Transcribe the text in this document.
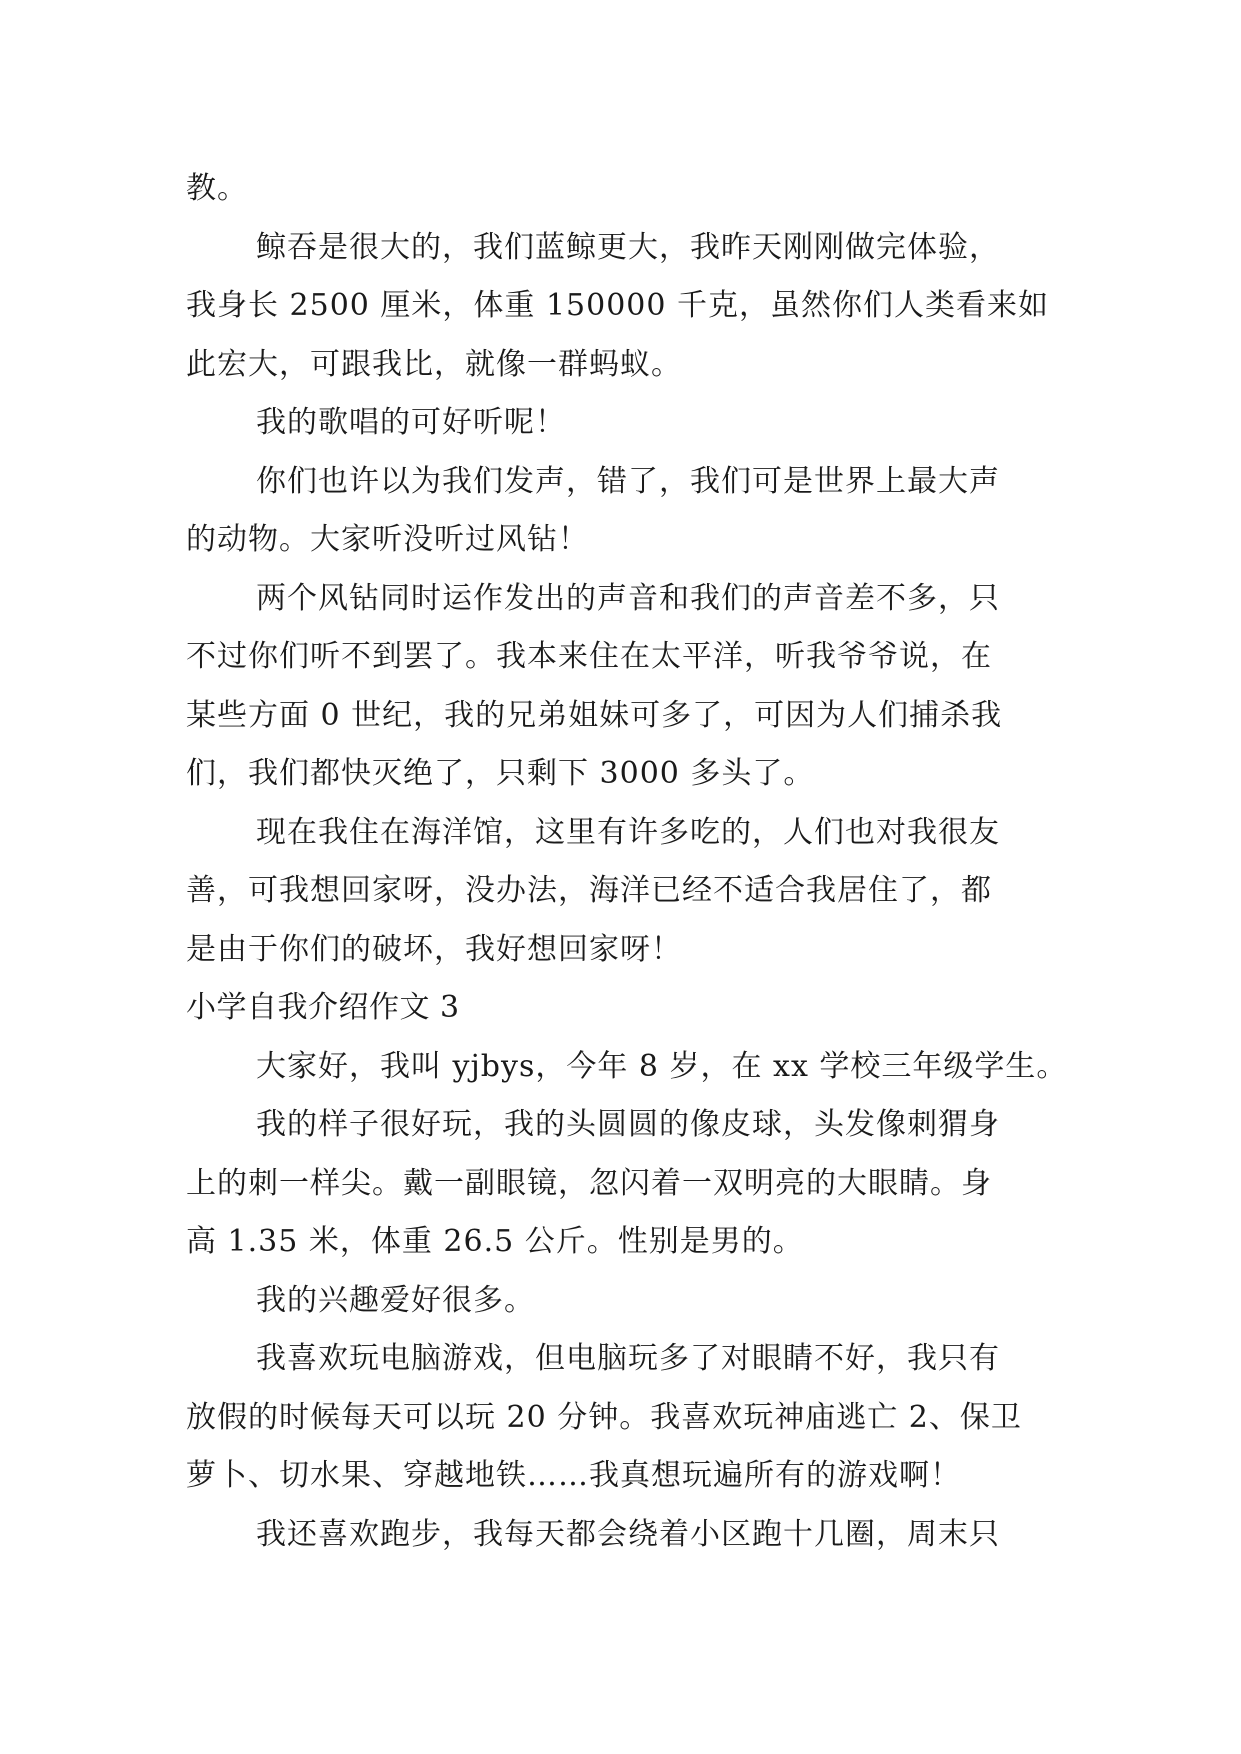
教。
鲸吞是很大的，我们蓝鲸更大，我昨天刚刚做完体验，
我身长 2500 厘米，体重 150000 千克，虽然你们人类看来如
此宏大，可跟我比，就像一群蚂蚁。
我的歌唱的可好听呢！
你们也许以为我们发声，错了，我们可是世界上最大声
的动物。大家听没听过风钻！
两个风钻同时运作发出的声音和我们的声音差不多，只
不过你们听不到罢了。我本来住在太平洋，听我爷爷说，在
某些方面 0 世纪，我的兄弟姐妹可多了，可因为人们捕杀我
们，我们都快灭绝了，只剩下 3000 多头了。
现在我住在海洋馆，这里有许多吃的，人们也对我很友
善，可我想回家呀，没办法，海洋已经不适合我居住了，都
是由于你们的破坏，我好想回家呀！
小学自我介绍作文 3
大家好，我叫 yjbys，今年 8 岁，在 xx 学校三年级学生。
我的样子很好玩，我的头圆圆的像皮球，头发像刺猬身
上的刺一样尖。戴一副眼镜，忽闪着一双明亮的大眼睛。身
高 1.35 米，体重 26.5 公斤。性别是男的。
我的兴趣爱好很多。
我喜欢玩电脑游戏，但电脑玩多了对眼睛不好，我只有
放假的时候每天可以玩 20 分钟。我喜欢玩神庙逃亡 2、保卫
萝卜、切水果、穿越地铁……我真想玩遍所有的游戏啊！
我还喜欢跑步，我每天都会绕着小区跑十几圈，周末只
